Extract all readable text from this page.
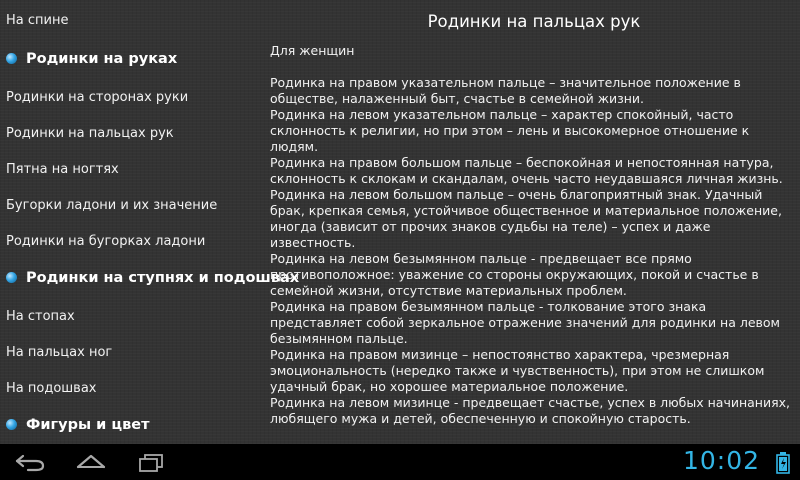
На спине
Родинки на руках
Родинки на сторонах руки
Родинки на пальцах рук
Пятна на ногтях
Бугорки ладони и их значение
Родинки на бугорках ладони
Родинки на ступнях и подошвах
На стопах
На пальцах ног
На подошвах
Фигуры и цвет
Родинки на пальцах рук
Для женщин

Родинка на правом указательном пальце – значительное положение в обществе, налаженный быт, счастье в семейной жизни.

Родинка на левом указательном пальце – характер спокойный, часто склонность к религии, но при этом – лень и высокомерное отношение к людям.

Родинка на правом большом пальце – беспокойная и непостоянная натура, склонность к склокам и скандалам, очень часто неудавшаяся личная жизнь.

Родинка на левом большом пальце – очень благоприятный знак. Удачный брак, крепкая семья, устойчивое общественное и материальное положение, иногда (зависит от прочих знаков судьбы на теле) – успех и даже известность.

Родинка на левом безымянном пальце - предвещает все прямо противоположное: уважение со стороны окружающих, покой и счастье в семейной жизни, отсутствие материальных проблем.

Родинка на правом безымянном пальце - толкование этого знака представляет собой зеркальное отражение значений для родинки на левом безымянном пальце.

Родинка на правом мизинце – непостоянство характера, чрезмерная эмоциональность (нередко также и чувственность), при этом не слишком удачный брак, но хорошее материальное положение.

Родинка на левом мизинце - предвещает счастье, успех в любых начинаниях, любящего мужа и детей, обеспеченную и спокойную старость.

10:02
